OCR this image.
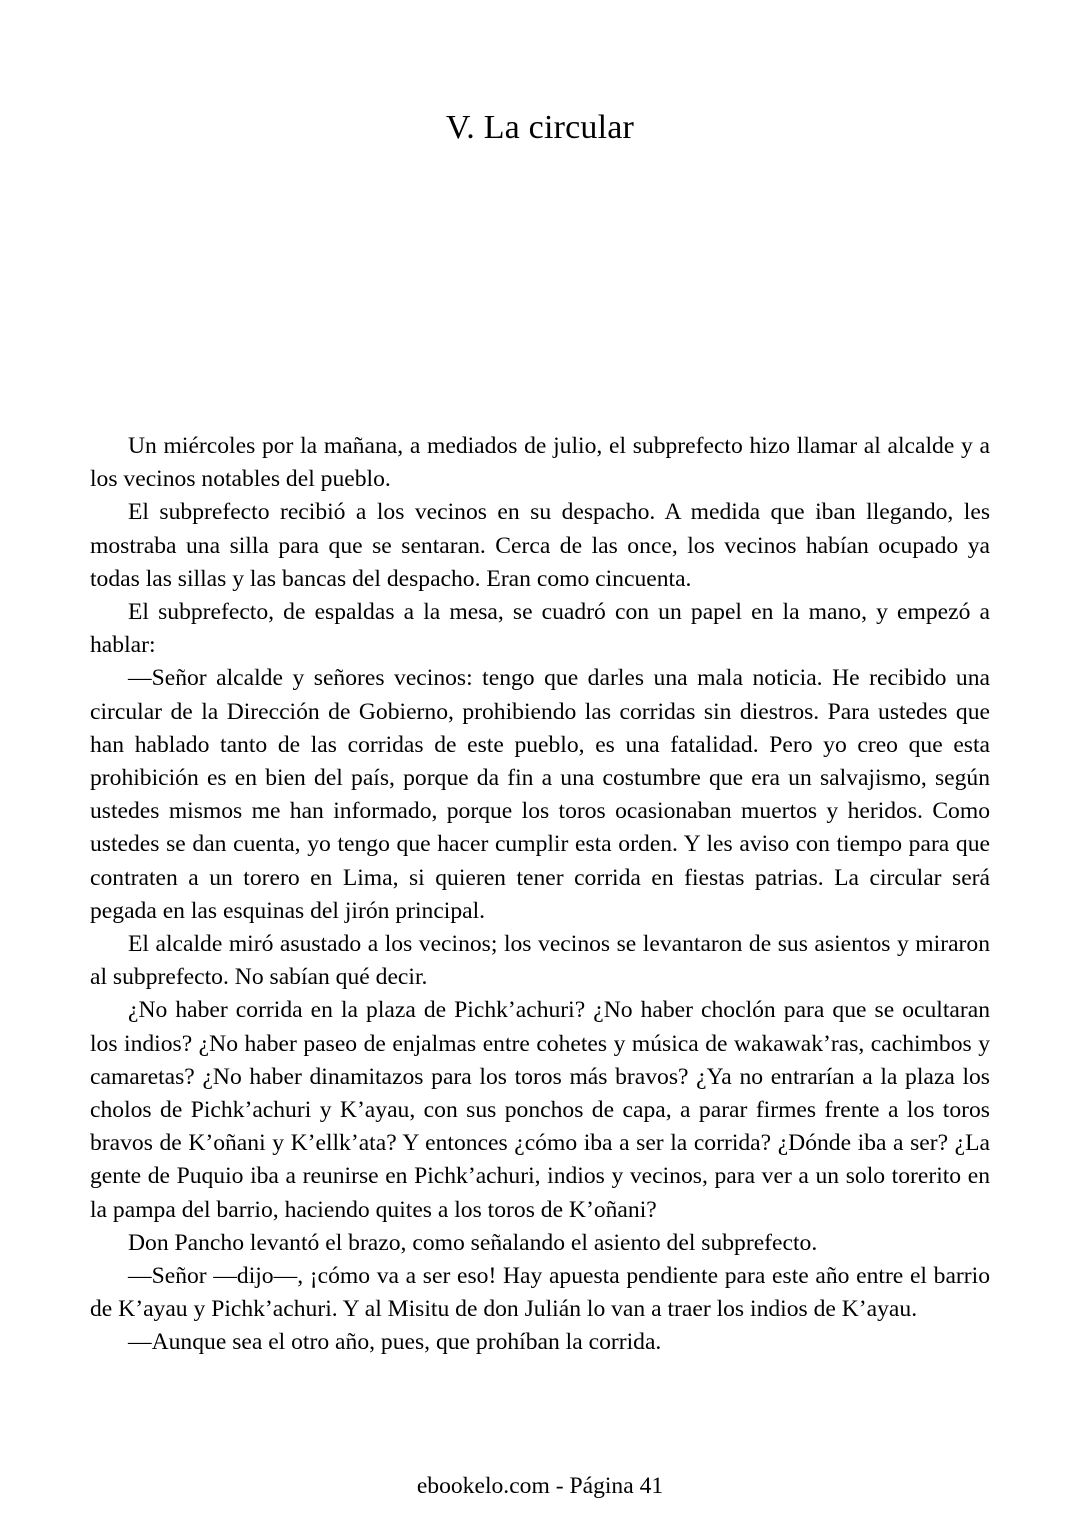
V. La circular

Un miércoles por la mañana, a mediados de julio, el subprefecto hizo llamar al alcalde y a los vecinos notables del pueblo.

El subprefecto recibió a los vecinos en su despacho. A medida que iban llegando, les mostraba una silla para que se sentaran. Cerca de las once, los vecinos habían ocupado ya todas las sillas y las bancas del despacho. Eran como cincuenta.

El subprefecto, de espaldas a la mesa, se cuadró con un papel en la mano, y empezó a hablar:

—Señor alcalde y señores vecinos: tengo que darles una mala noticia. He recibido una circular de la Dirección de Gobierno, prohibiendo las corridas sin diestros. Para ustedes que han hablado tanto de las corridas de este pueblo, es una fatalidad. Pero yo creo que esta prohibición es en bien del país, porque da fin a una costumbre que era un salvajismo, según ustedes mismos me han informado, porque los toros ocasionaban muertos y heridos. Como ustedes se dan cuenta, yo tengo que hacer cumplir esta orden. Y les aviso con tiempo para que contraten a un torero en Lima, si quieren tener corrida en fiestas patrias. La circular será pegada en las esquinas del jirón principal.

El alcalde miró asustado a los vecinos; los vecinos se levantaron de sus asientos y miraron al subprefecto. No sabían qué decir.

¿No haber corrida en la plaza de Pichk’achuri? ¿No haber choclón para que se ocultaran los indios? ¿No haber paseo de enjalmas entre cohetes y música de wakawak’ras, cachimbos y camaretas? ¿No haber dinamitazos para los toros más bravos? ¿Ya no entrarían a la plaza los cholos de Pichk’achuri y K’ayau, con sus ponchos de capa, a parar firmes frente a los toros bravos de K’oñani y K’ellk’ata? Y entonces ¿cómo iba a ser la corrida? ¿Dónde iba a ser? ¿La gente de Puquio iba a reunirse en Pichk’achuri, indios y vecinos, para ver a un solo torerito en la pampa del barrio, haciendo quites a los toros de K’oñani?

Don Pancho levantó el brazo, como señalando el asiento del subprefecto.

—Señor —dijo—, ¡cómo va a ser eso! Hay apuesta pendiente para este año entre el barrio de K’ayau y Pichk’achuri. Y al Misitu de don Julián lo van a traer los indios de K’ayau.

—Aunque sea el otro año, pues, que prohíban la corrida.

ebookelo.com - Página 41
